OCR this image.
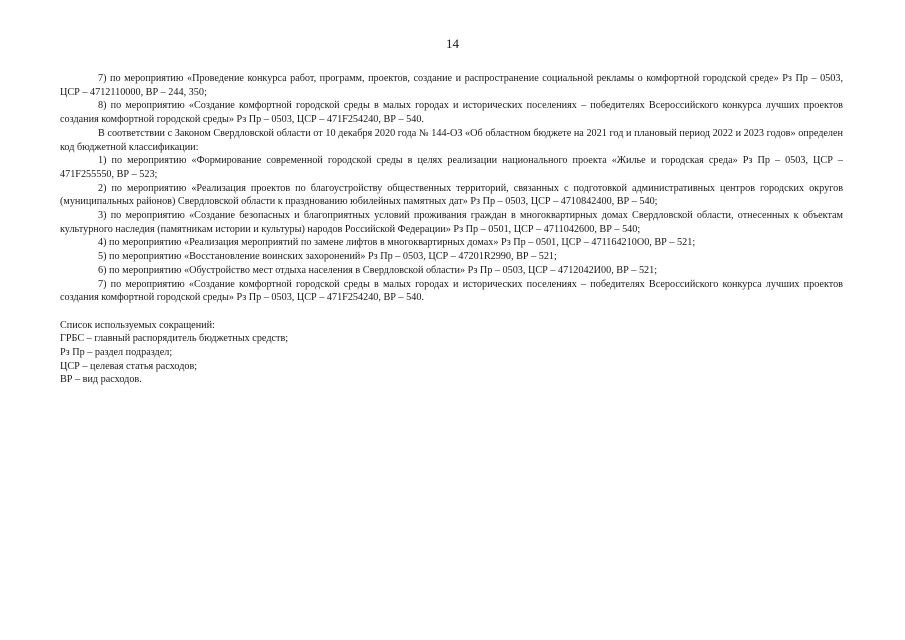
14

7) по мероприятию «Проведение конкурса работ, программ, проектов, создание и распространение социальной рекламы о комфортной городской среде» Рз Пр – 0503, ЦСР – 4712110000, ВР – 244, 350;

8) по мероприятию «Создание комфортной городской среды в малых городах и исторических поселениях – победителях Всероссийского конкурса лучших проектов создания комфортной городской среды» Рз Пр – 0503, ЦСР – 471F254240, ВР – 540.

В соответствии с Законом Свердловской области от 10 декабря 2020 года № 144-ОЗ «Об областном бюджете на 2021 год и плановый период 2022 и 2023 годов» определен код бюджетной классификации:

1) по мероприятию «Формирование современной городской среды в целях реализации национального проекта «Жилье и городская среда» Рз Пр – 0503, ЦСР – 471F255550, ВР – 523;

2) по мероприятию «Реализация проектов по благоустройству общественных территорий, связанных с подготовкой административных центров городских округов (муниципальных районов) Свердловской области к празднованию юбилейных памятных дат» Рз Пр – 0503, ЦСР – 4710842400, ВР – 540;

3) по мероприятию «Создание безопасных и благоприятных условий проживания граждан в многоквартирных домах Свердловской области, отнесенных к объектам культурного наследия (памятникам истории и культуры) народов Российской Федерации» Рз Пр – 0501, ЦСР – 4711042600, ВР – 540;

4) по мероприятию «Реализация мероприятий по замене лифтов в многоквартирных домах» Рз Пр – 0501, ЦСР – 471164210О0, ВР – 521;

5) по мероприятию «Восстановление воинских захоронений» Рз Пр – 0503, ЦСР – 47201R2990, ВР – 521;

6) по мероприятию «Обустройство мест отдыха населения в Свердловской области» Рз Пр – 0503, ЦСР – 4712042И00, ВР – 521;

7) по мероприятию «Создание комфортной городской среды в малых городах и исторических поселениях – победителях Всероссийского конкурса лучших проектов создания комфортной городской среды» Рз Пр – 0503, ЦСР – 471F254240, ВР – 540.

Список используемых сокращений:

ГРБС – главный распорядитель бюджетных средств;

Рз Пр – раздел подраздел;

ЦСР – целевая статья расходов;

ВР – вид расходов.
